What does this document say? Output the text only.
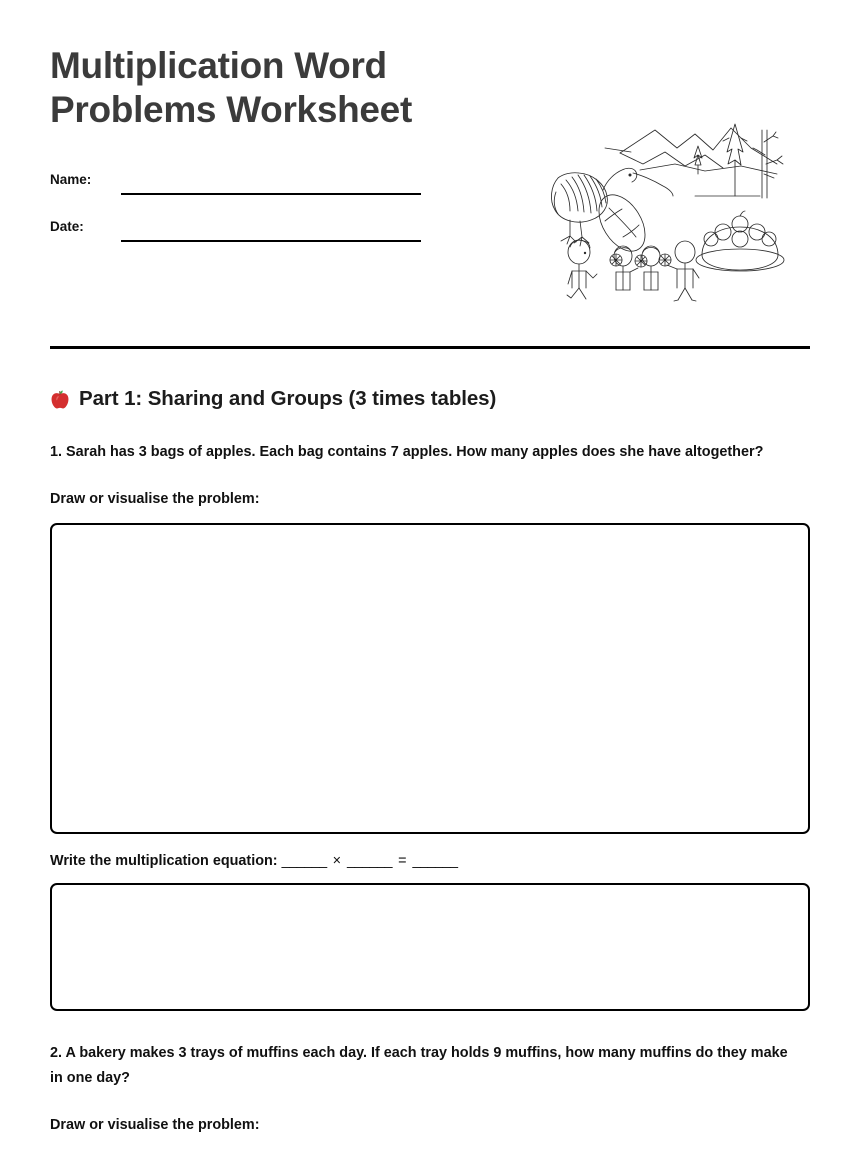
Multiplication Word
Problems Worksheet
Name:
Date:
Part 1: Sharing and Groups (3 times tables)
1. Sarah has 3 bags of apples. Each bag contains 7 apples. How many apples does she have altogether?
Draw or visualise the problem:
Write the multiplication equation: ______ × ______ = ______
2. A bakery makes 3 trays of muffins each day. If each tray holds 9 muffins, how many muffins do they make in one day?
Draw or visualise the problem:
